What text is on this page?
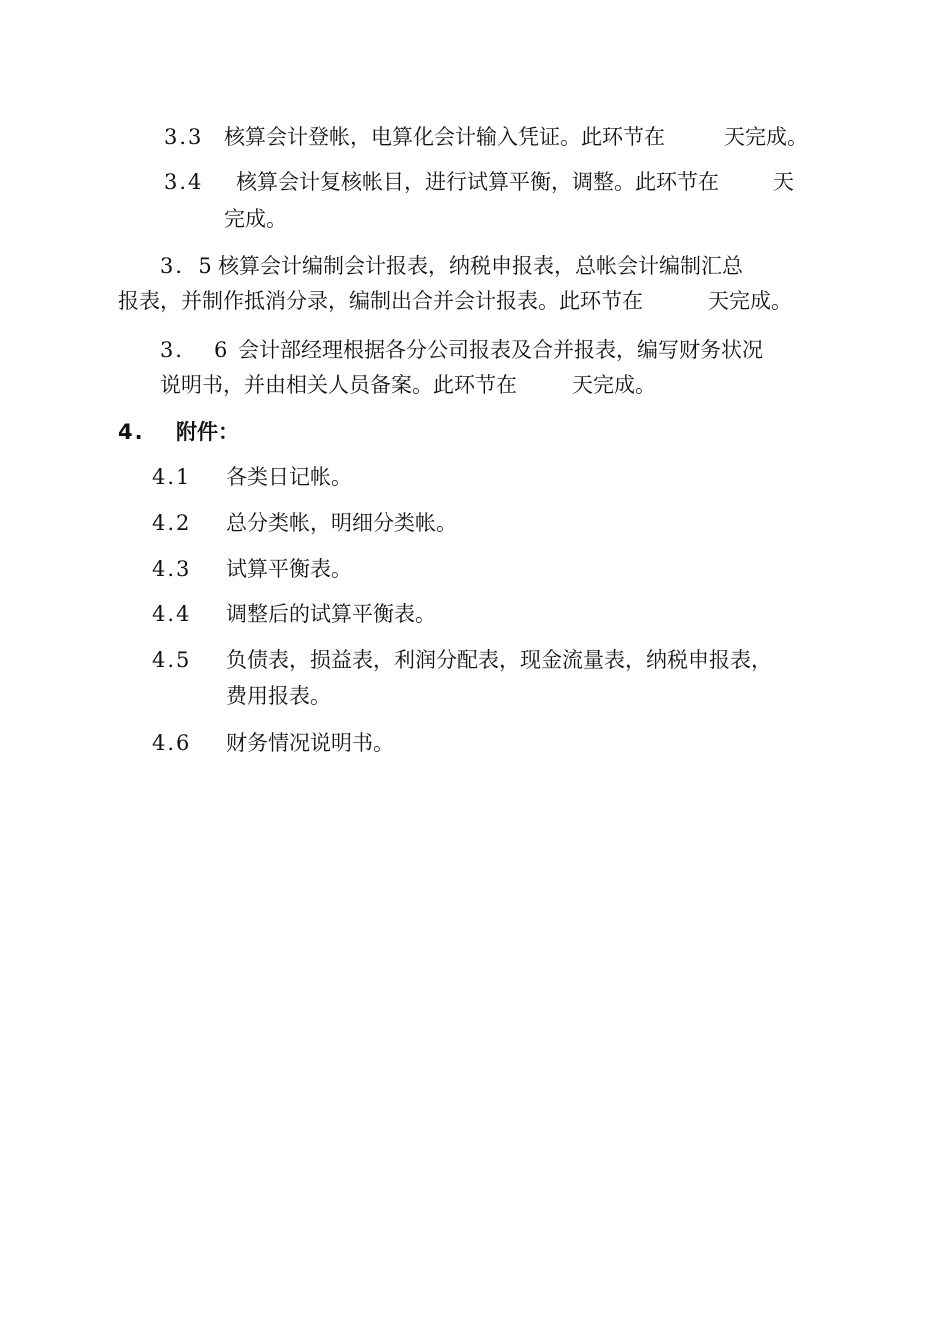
3.3 核算会计登帐，电算化会计输入凭证。此环节在	天完成。
3.4 核算会计复核帐目，进行试算平衡，调整。此环节在	天
完成。
3．5 核算会计编制会计报表，纳税申报表，总帐会计编制汇总
报表，并制作抵消分录，编制出合并会计报表。此环节在	天完成。
3． 6 会计部经理根据各分公司报表及合并报表，编写财务状况
说明书，并由相关人员备案。此环节在	天完成。
4. 附件：
4.1 各类日记帐。
4.2 总分类帐，明细分类帐。
4.3 试算平衡表。
4.4 调整后的试算平衡表。
4.5 负债表，损益表，利润分配表，现金流量表，纳税申报表，
费用报表。
4.6 财务情况说明书。
